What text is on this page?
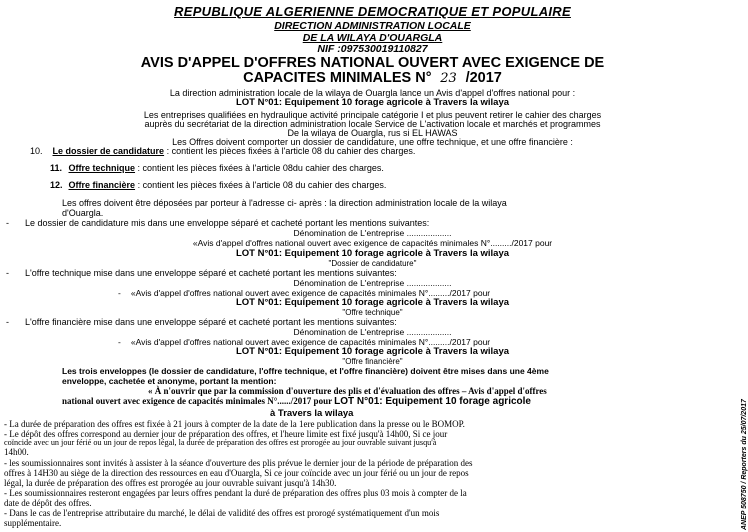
REPUBLIQUE ALGERIENNE DEMOCRATIQUE ET POPULAIRE
DIRECTION ADMINISTRATION LOCALE
DE LA WILAYA D'OUARGLA
NIF :097530019110827
AVIS D'APPEL D'OFFRES NATIONAL OUVERT AVEC EXIGENCE DE
CAPACITES MINIMALES N° 23 /2017
La direction administration locale de la wilaya de Ouargla lance un Avis d'appel d'offres national pour :
LOT N°01: Equipement 10 forage agricole à Travers la wilaya
Les entreprises qualifiées en hydraulique activité principale catégorie I et plus peuvent retirer le cahier des charges
auprès du secrétariat de la direction administration locale Service de L'activation locale et marchés et programmes
De la wilaya de Ouargla, rus si EL HAWAS
Les Offres doivent comporter un dossier de candidature, une offre technique, et une offre financière :
10. Le dossier de candidature : contient les pièces fixées à l'article 08 du cahier des charges.
11. Offre technique : contient les pièces fixées à l'article 08du cahier des charges.
12. Offre financière : contient les pièces fixées à l'article 08 du cahier des charges.
Les offres doivent être déposées par porteur à l'adresse ci- après : la direction administration locale de la wilaya
d'Ouargla.
- Le dossier de candidature mis dans une enveloppe séparé et cacheté portant les mentions suivantes:
Dénomination de L'entreprise ...................
«Avis d'appel d'offres national ouvert avec exigence de capacités minimales N°........./2017 pour
LOT N°01: Equipement 10 forage agricole à Travers la wilaya
"Dossier de candidature"
- L'offre technique mise dans une enveloppe séparé et cacheté portant les mentions suivantes:
Dénomination de L'entreprise ...................
- «Avis d'appel d'offres national ouvert avec exigence de capacités minimales N°........./2017 pour
LOT N°01: Equipement 10 forage agricole à Travers la wilaya
"Offre technique"
- L'offre financière mise dans une enveloppe séparé et cacheté portant les mentions suivantes:
Dénomination de L'entreprise ...................
- «Avis d'appel d'offres national ouvert avec exigence de capacités minimales N°........./2017 pour
LOT N°01: Equipement 10 forage agricole à Travers la wilaya
"Offre financière"
Les trois enveloppes (le dossier de candidature, l'offre technique, et l'offre financière) doivent être mises dans une 4ème
enveloppe, cachetée et anonyme, portant la mention:
« À n'ouvrir que par la commission d'ouverture des plis et d'évaluation des offres – Avis d'appel d'offres
national ouvert avec exigence de capacités minimales N°....../2017 pour LOT N°01: Equipement 10 forage agricole
à Travers la wilaya
- La durée de préparation des offres est fixée à 21 jours à compter de la date de la 1ere publication dans la presse ou le BOMOP.
- Le dépôt des offres correspond au dernier jour de préparation des offres, et l'heure limite est fixé jusqu'à 14h00, Si ce jour
coïncide avec un jour férié ou un jour de repos légal, la durée de préparation des offres est prorogée au jour ouvrable suivant jusqu'à
14h00.
- les soumissionnaires sont invités à assister à la séance d'ouverture des plis prévue le dernier jour de la période de préparation des
offres à 14H30 au siège de la direction des ressources en eau d'Ouargla, Si ce jour coïncide avec un jour férié ou un jour de repos
légal, la durée de préparation des offres est prorogée au jour ouvrable suivant jusqu'à 14h30.
- Les soumissionnaires resteront engagées par leurs offres pendant la duré de préparation des offres plus 03 mois à compter de la
date de dépôt des offres.
- Dans le cas de l'entreprise attributaire du marché, le délai de validité des offres est prorogé systématiquement d'un mois
supplémentaire.	ANEP 508750 / Reporters du 25/07/2017
